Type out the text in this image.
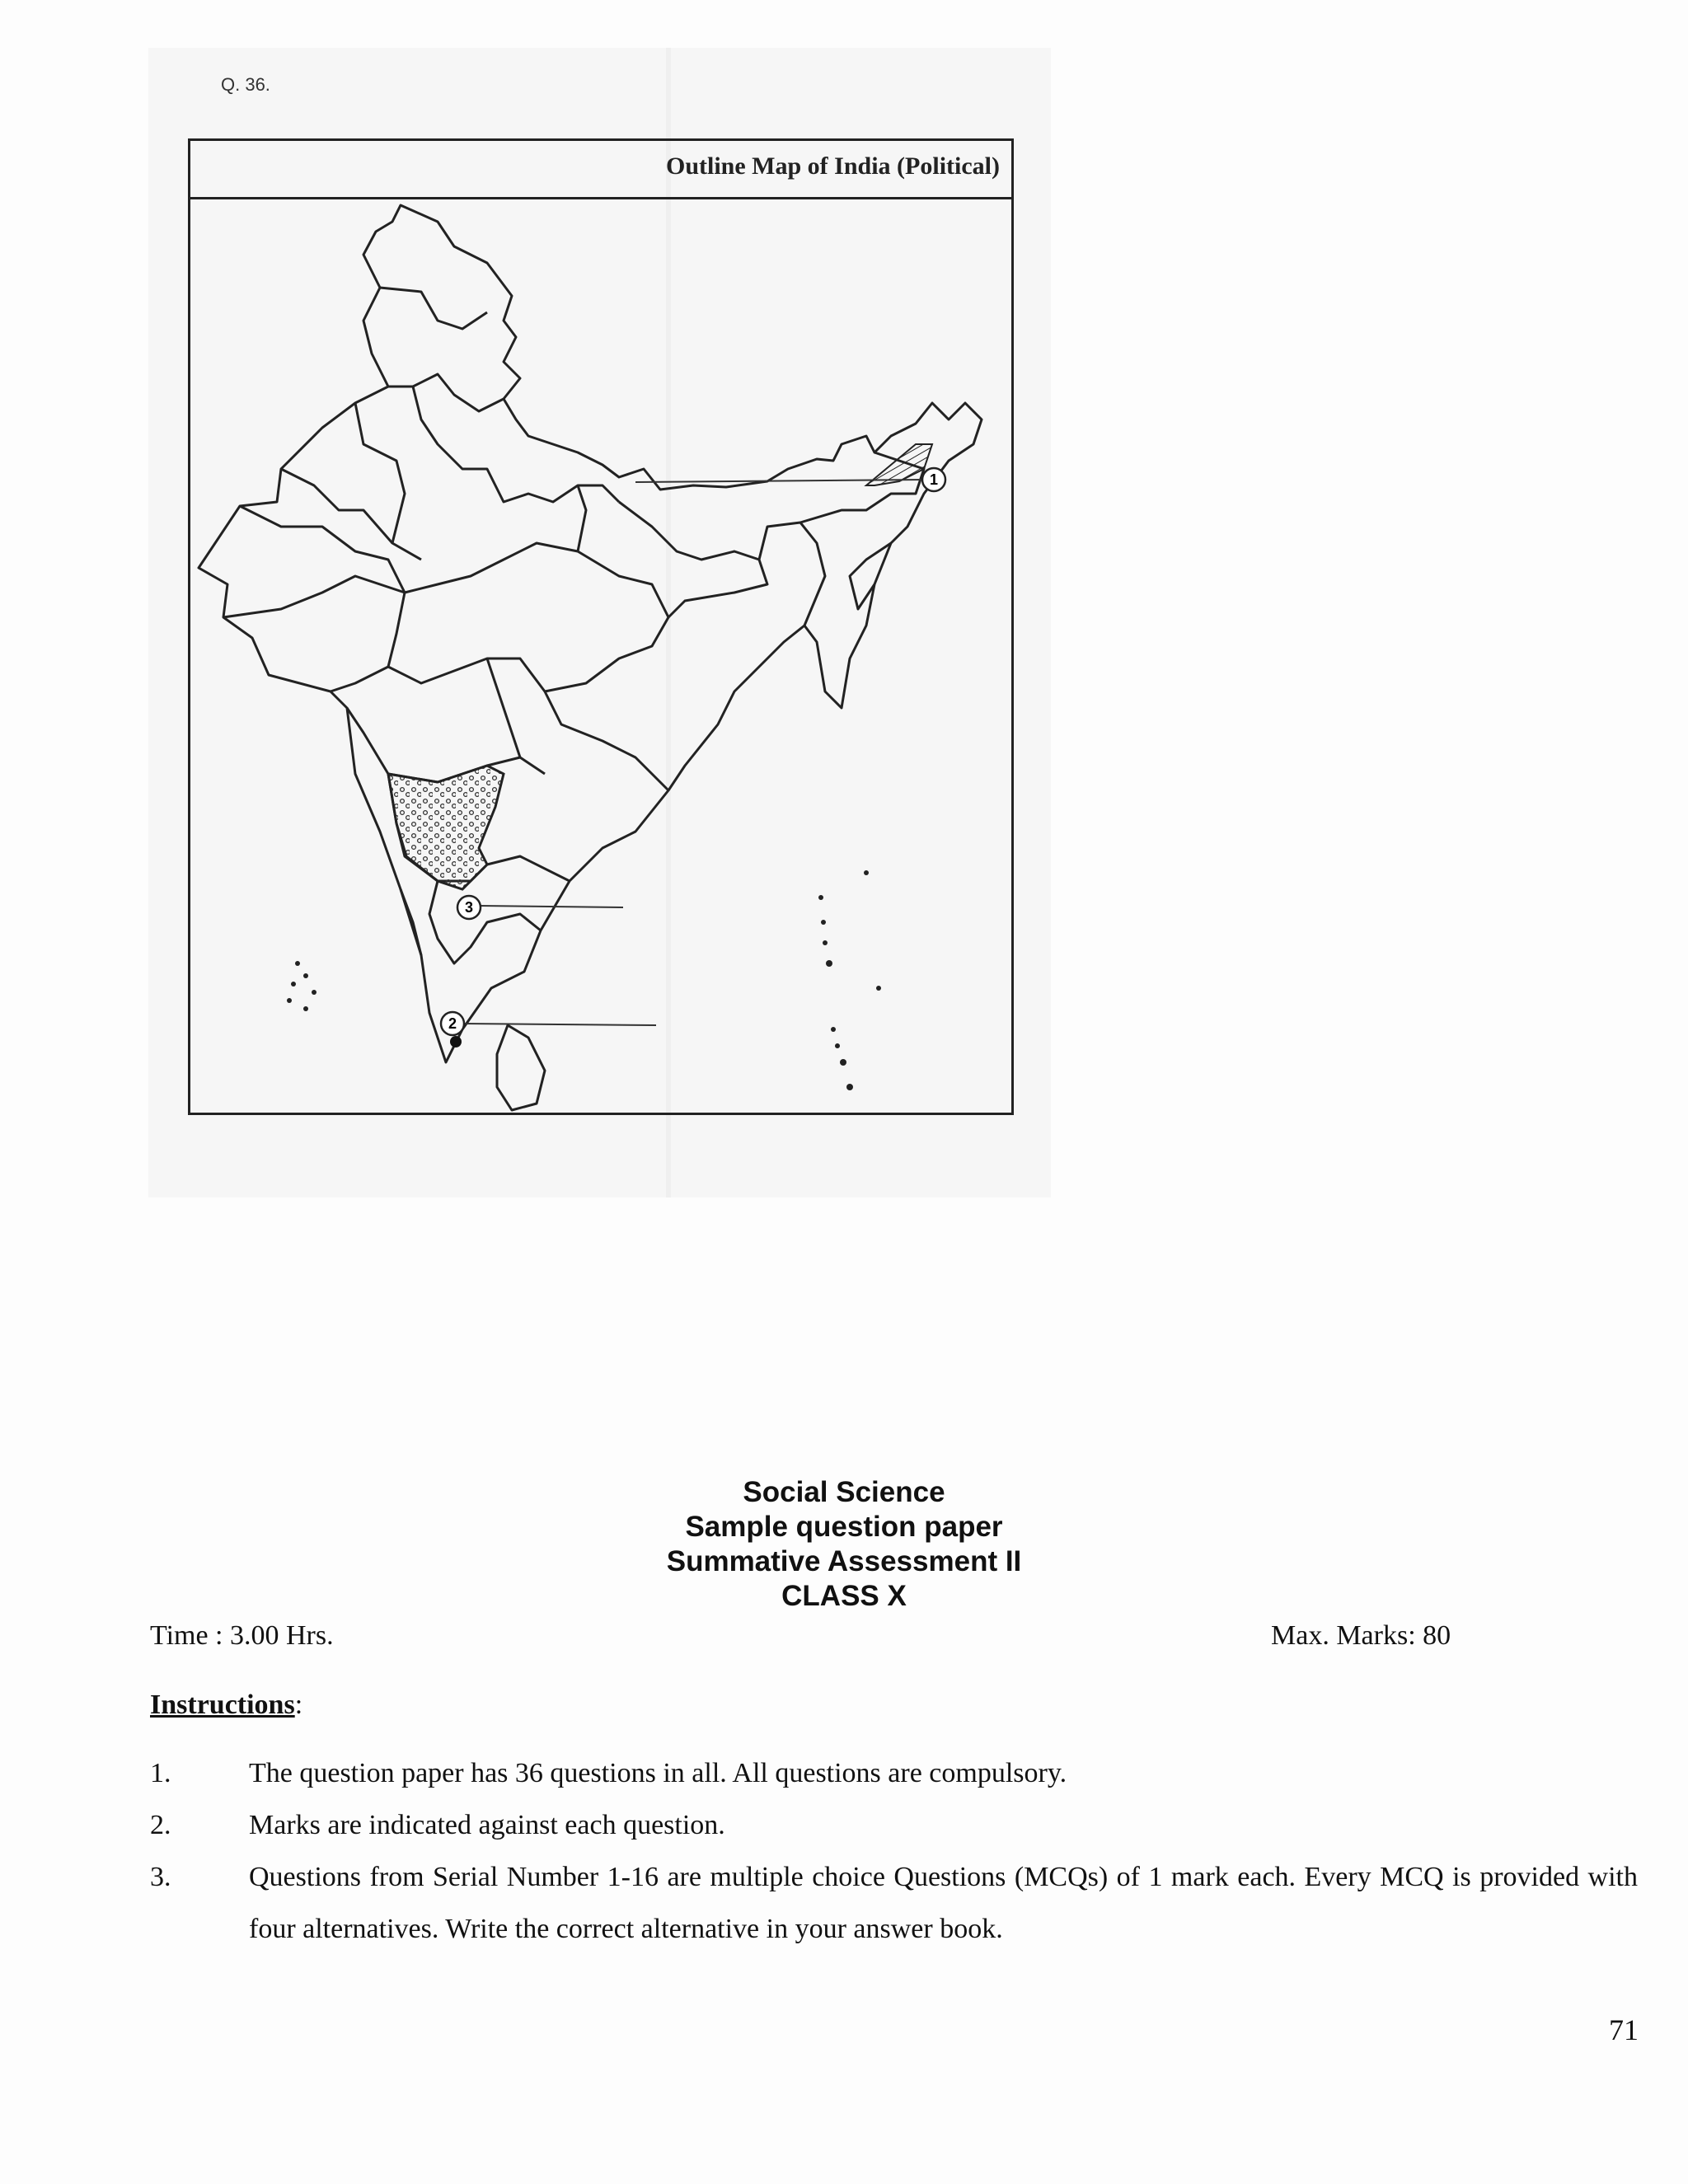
Q. 36.
Outline Map of India (Political)
1
3
2
Social Science
Sample question paper
Summative Assessment II
CLASS X
Time : 3.00 Hrs.	Max. Marks: 80
Instructions:
1.	The question paper has 36 questions in all. All questions are compulsory.
2.	Marks are indicated against each question.
3.	Questions from Serial Number 1-16 are multiple choice Questions (MCQs) of 1 mark each. Every MCQ is provided with four alternatives. Write the correct alternative in your answer book.
71
